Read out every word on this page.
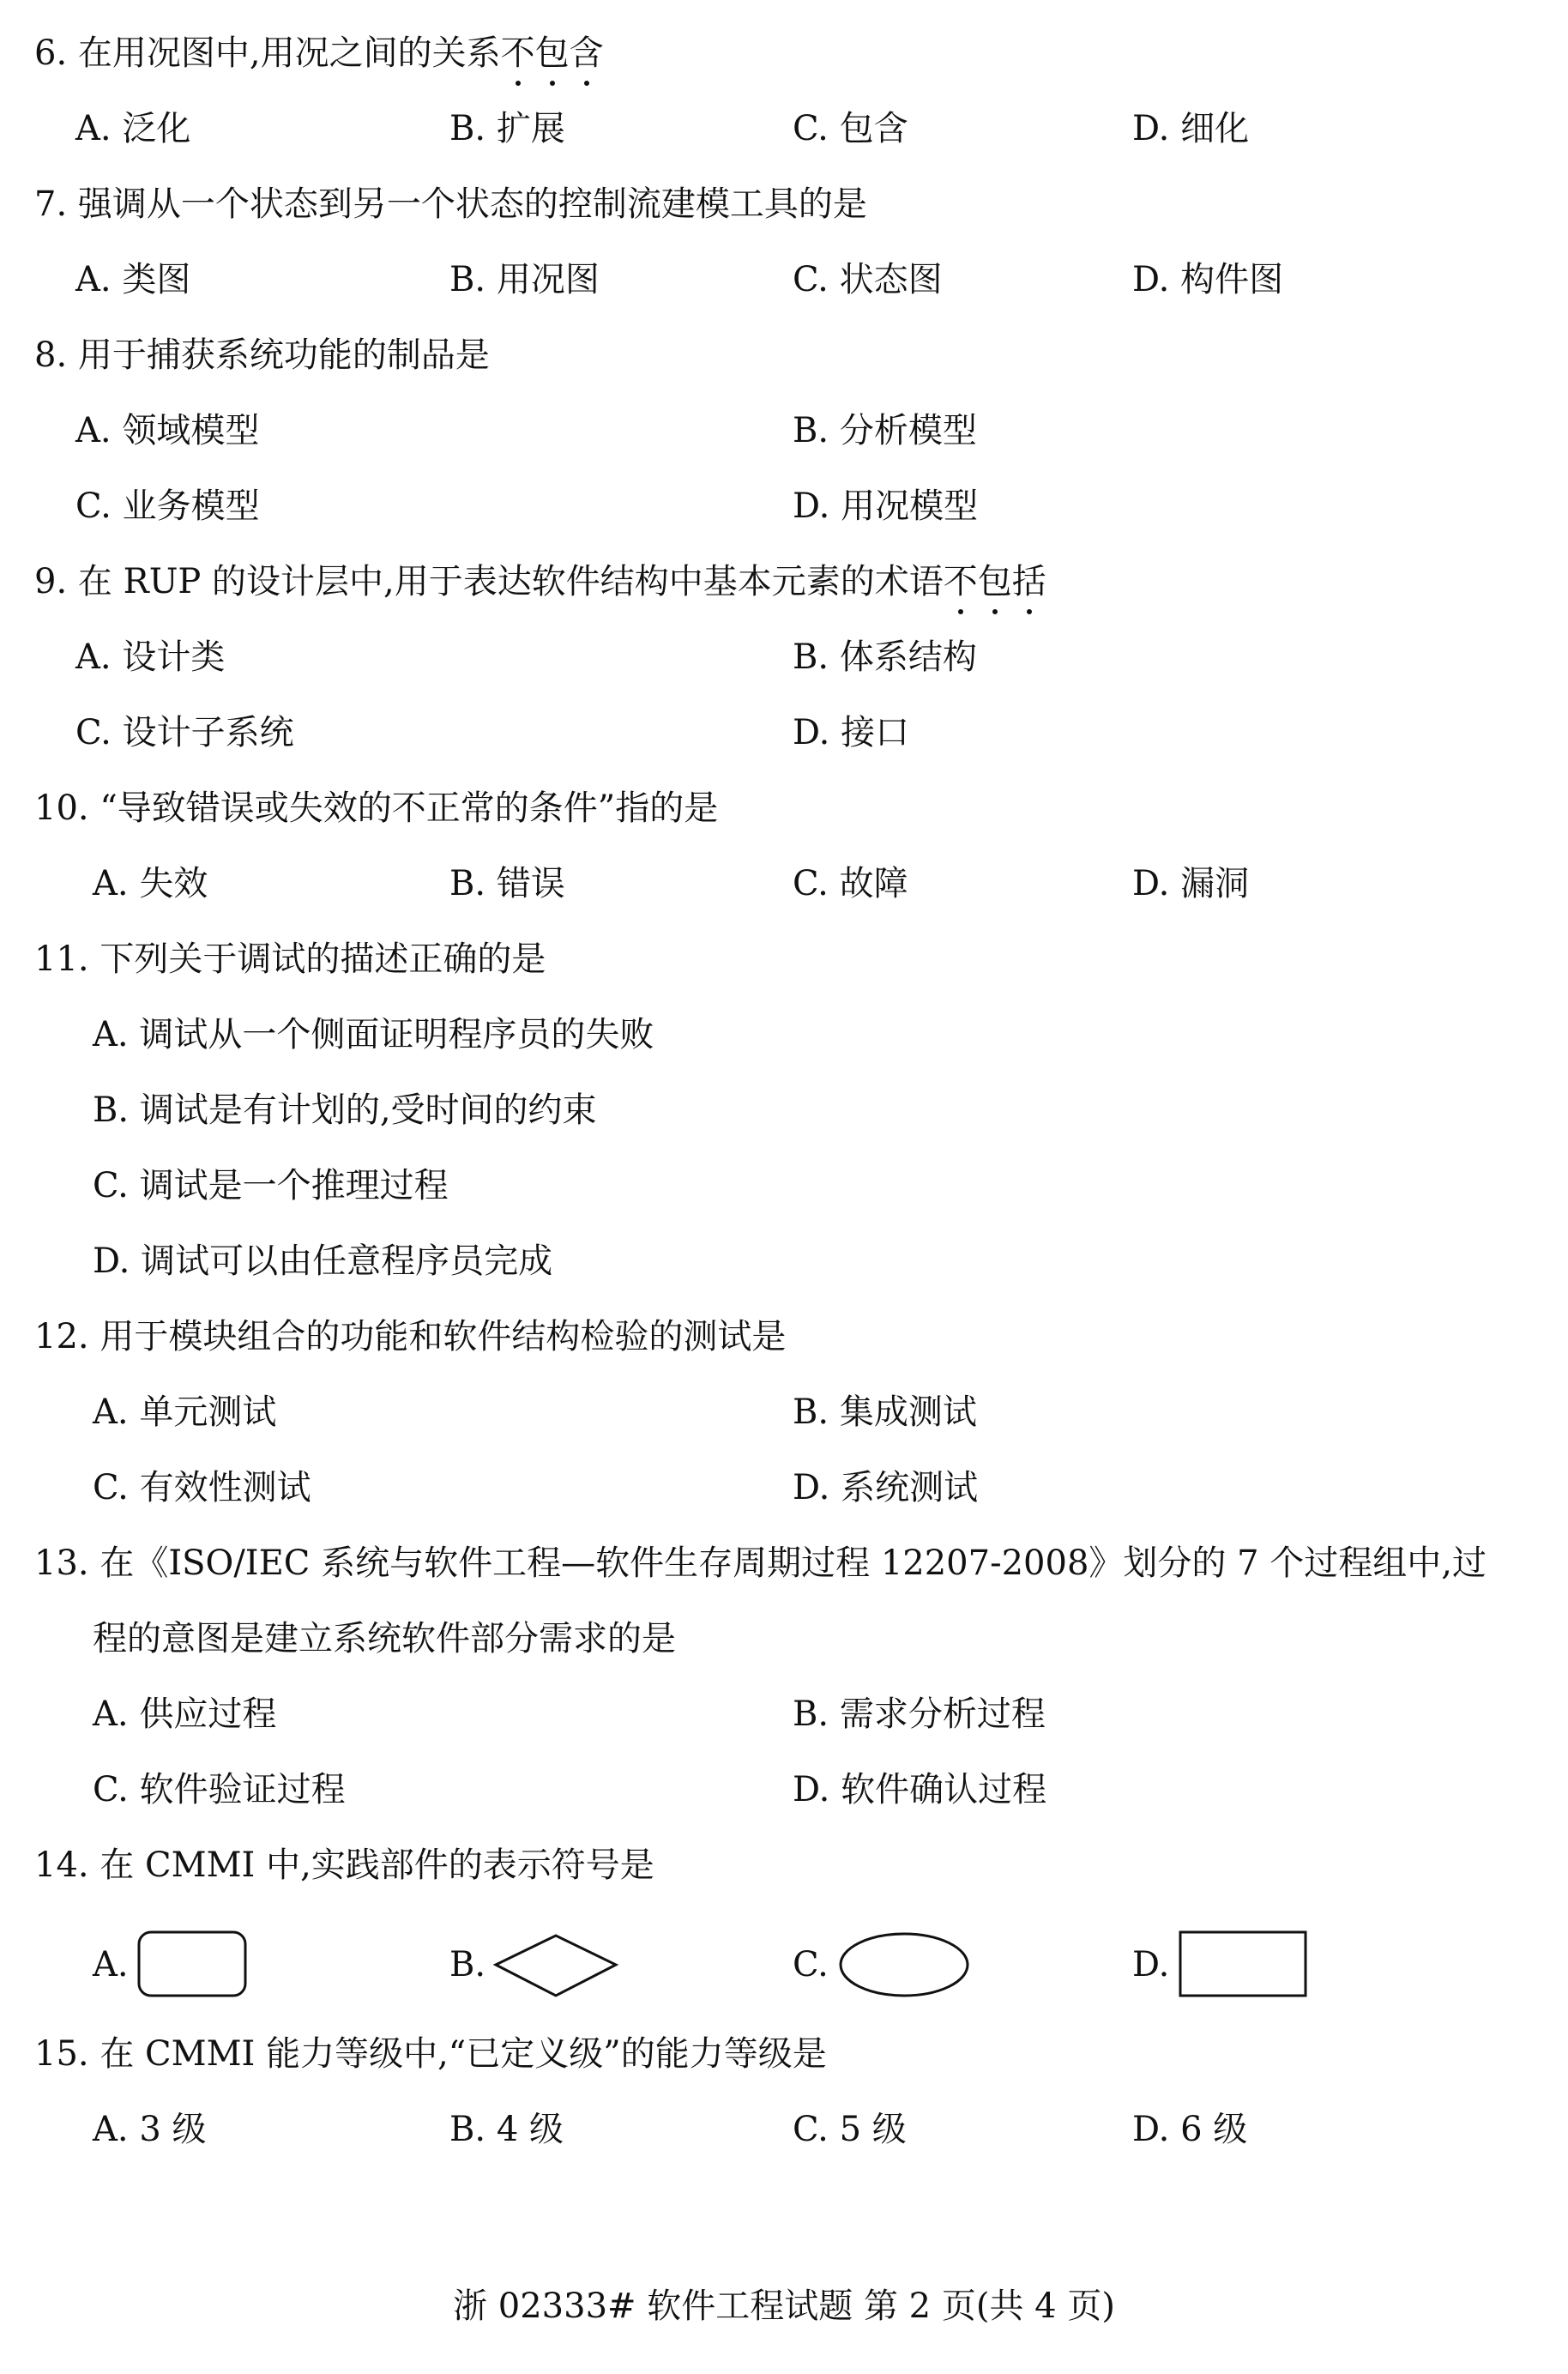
6. 在用况图中,用况之间的关系不包含
A. 泛化	B. 扩展	C. 包含	D. 细化
7. 强调从一个状态到另一个状态的控制流建模工具的是
A. 类图	B. 用况图	C. 状态图	D. 构件图
8. 用于捕获系统功能的制品是
A. 领域模型	B. 分析模型
C. 业务模型	D. 用况模型
9. 在 RUP 的设计层中,用于表达软件结构中基本元素的术语不包括
A. 设计类	B. 体系结构
C. 设计子系统	D. 接口
10. “导致错误或失效的不正常的条件”指的是
A. 失效	B. 错误	C. 故障	D. 漏洞
11. 下列关于调试的描述正确的是
A. 调试从一个侧面证明程序员的失败
B. 调试是有计划的,受时间的约束
C. 调试是一个推理过程
D. 调试可以由任意程序员完成
12. 用于模块组合的功能和软件结构检验的测试是
A. 单元测试	B. 集成测试
C. 有效性测试	D. 系统测试
13. 在《ISO/IEC 系统与软件工程—软件生存周期过程 12207-2008》划分的 7 个过程组中,过
程的意图是建立系统软件部分需求的是
A. 供应过程	B. 需求分析过程
C. 软件验证过程	D. 软件确认过程
14. 在 CMMI 中,实践部件的表示符号是
A.	B.	C.	D.
15. 在 CMMI 能力等级中,“已定义级”的能力等级是
A. 3 级	B. 4 级	C. 5 级	D. 6 级
浙 02333# 软件工程试题 第 2 页(共 4 页)
